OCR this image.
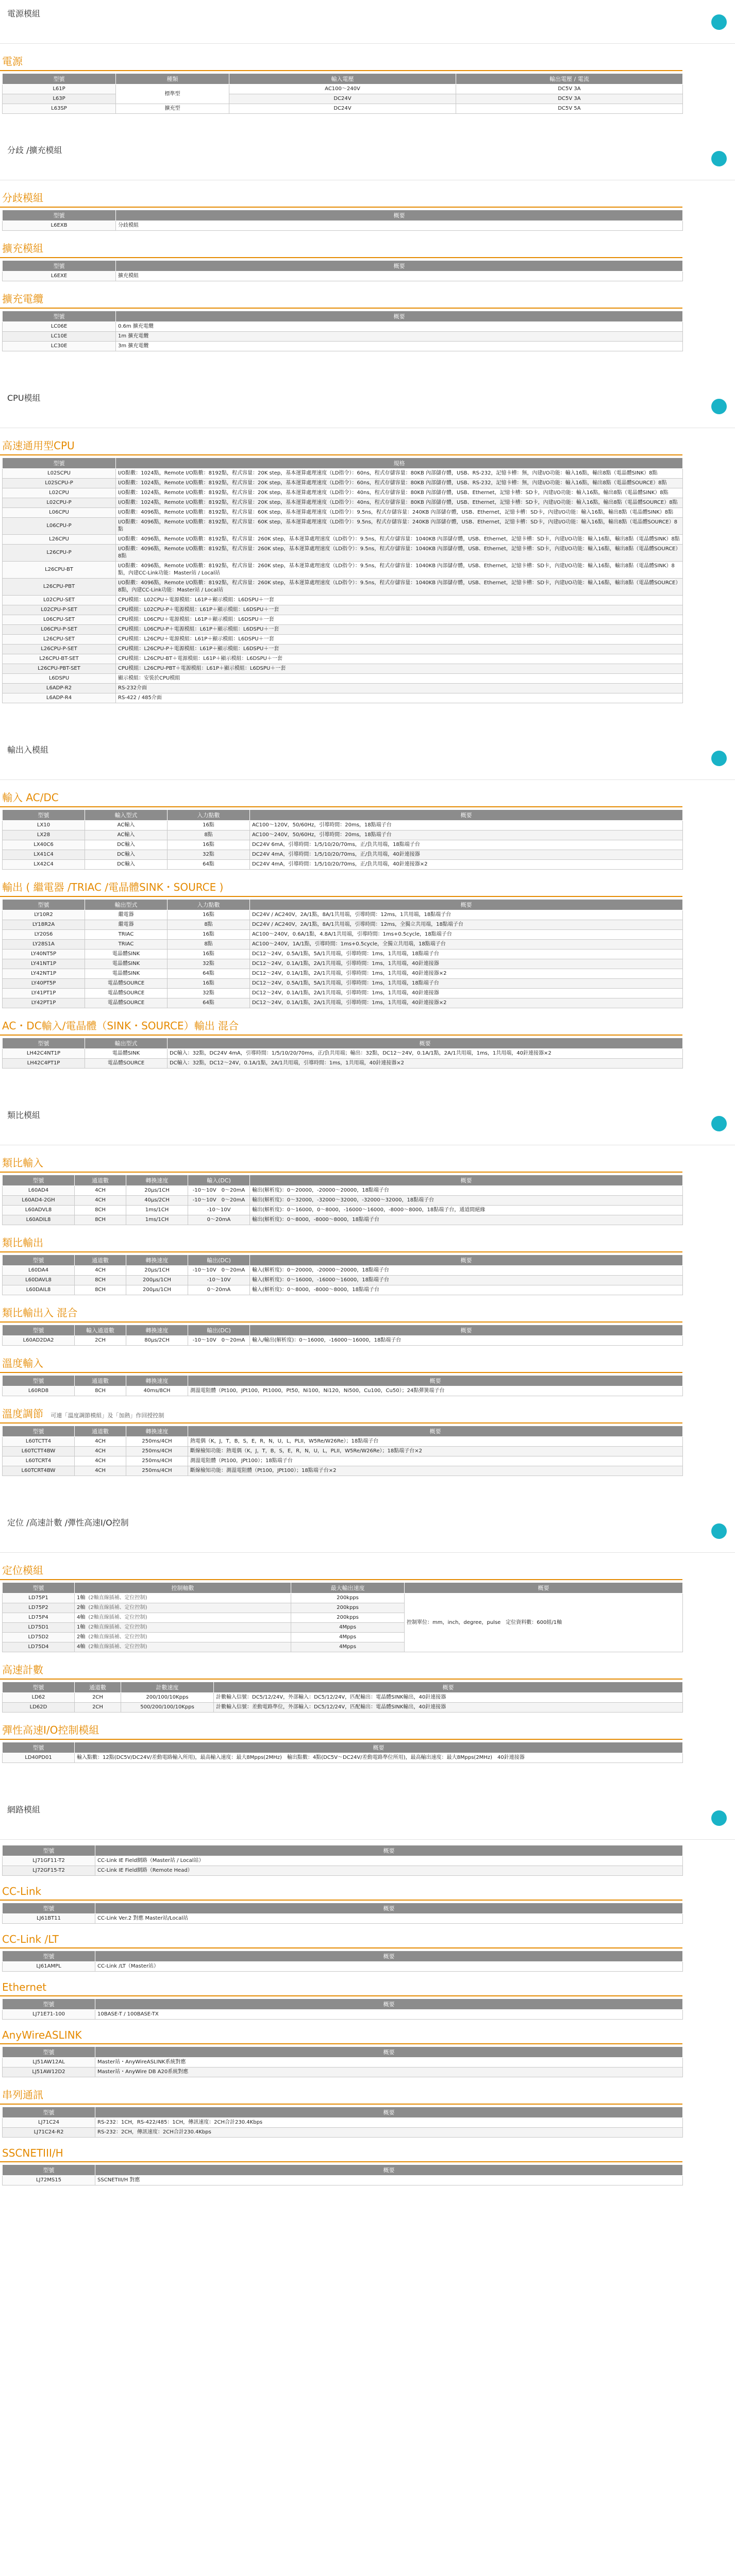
電源模組
電源
型號	種類	輸入電壓	輸出電壓 / 電流
L61P	標準型	AC100～240V	DC5V 3A
L63P		DC24V	DC5V 3A
L63SP	擴充型	DC24V	DC5V 5A
分歧 /擴充模組
分歧模組
型號	概要
L6EXB	分歧模組
擴充模組
型號	概要
L6EXE	擴充模組
擴充電纜
型號	概要
LC06E	0.6m 擴充電纜
LC10E	1m 擴充電纜
LC30E	3m 擴充電纜
CPU模組
高速通用型CPU
型號	規格
L02SCPU	I/O點數：1024點，Remote I/O點數：8192點，程式容量：20K step，基本運算處理速度（LD指令）：60ns，程式存儲容量：80KB 內部儲存體，USB、RS-232，記憶卡槽：無，內建I/O功能：輸入16點，輸出8點（電晶體SINK）8點
L02SCPU-P	I/O點數：1024點，Remote I/O點數：8192點，程式容量：20K step，基本運算處理速度（LD指令）：60ns，程式存儲容量：80KB 內部儲存體，USB、RS-232，記憶卡槽：無，內建I/O功能：輸入16點，輸出8點（電晶體SOURCE）8點
L02CPU	I/O點數：1024點，Remote I/O點數：8192點，程式容量：20K step，基本運算處理速度（LD指令）：40ns，程式存儲容量：80KB 內部儲存體，USB、Ethernet，記憶卡槽：SD卡，內建I/O功能：輸入16點，輸出8點（電晶體SINK）8點
L02CPU-P	I/O點數：1024點，Remote I/O點數：8192點，程式容量：20K step，基本運算處理速度（LD指令）：40ns，程式存儲容量：80KB 內部儲存體，USB、Ethernet，記憶卡槽：SD卡，內建I/O功能：輸入16點，輸出8點（電晶體SOURCE）8點
L06CPU	I/O點數：4096點，Remote I/O點數：8192點，程式容量：60K step，基本運算處理速度（LD指令）：9.5ns，程式存儲容量：240KB 內部儲存體，USB、Ethernet，記憶卡槽：SD卡，內建I/O功能：輸入16點，輸出8點（電晶體SINK）8點
L06CPU-P	I/O點數：4096點，Remote I/O點數：8192點，程式容量：60K step，基本運算處理速度（LD指令）：9.5ns，程式存儲容量：240KB 內部儲存體，USB、Ethernet，記憶卡槽：SD卡，內建I/O功能：輸入16點，輸出8點（電晶體SOURCE）8點
L26CPU	I/O點數：4096點，Remote I/O點數：8192點，程式容量：260K step，基本運算處理速度（LD指令）：9.5ns，程式存儲容量：1040KB 內部儲存體，USB、Ethernet，記憶卡槽：SD卡，內建I/O功能：輸入16點，輸出8點（電晶體SINK）8點
L26CPU-P	I/O點數：4096點，Remote I/O點數：8192點，程式容量：260K step，基本運算處理速度（LD指令）：9.5ns，程式存儲容量：1040KB 內部儲存體，USB、Ethernet，記憶卡槽：SD卡，內建I/O功能：輸入16點，輸出8點（電晶體SOURCE）8點
L26CPU-BT	I/O點數：4096點，Remote I/O點數：8192點，程式容量：260K step，基本運算處理速度（LD指令）：9.5ns，程式存儲容量：1040KB 內部儲存體，USB、Ethernet，記憶卡槽：SD卡，內建I/O功能：輸入16點，輸出8點（電晶體SINK）8點，內建CC-Link功能：Master站 / Local站
L26CPU-PBT	I/O點數：4096點，Remote I/O點數：8192點，程式容量：260K step，基本運算處理速度（LD指令）：9.5ns，程式存儲容量：1040KB 內部儲存體，USB、Ethernet，記憶卡槽：SD卡，內建I/O功能：輸入16點，輸出8點（電晶體SOURCE）8點，內建CC-Link功能：Master站 / Local站
L02CPU-SET	CPU模組：L02CPU＋電源模組：L61P＋顯示模組：L6DSPU＋一套
L02CPU-P-SET	CPU模組：L02CPU-P＋電源模組：L61P＋顯示模組：L6DSPU＋一套
L06CPU-SET	CPU模組：L06CPU＋電源模組：L61P＋顯示模組：L6DSPU＋一套
L06CPU-P-SET	CPU模組：L06CPU-P＋電源模組：L61P＋顯示模組：L6DSPU＋一套
L26CPU-SET	CPU模組：L26CPU＋電源模組：L61P＋顯示模組：L6DSPU＋一套
L26CPU-P-SET	CPU模組：L26CPU-P＋電源模組：L61P＋顯示模組：L6DSPU＋一套
L26CPU-BT-SET	CPU模組：L26CPU-BT＋電源模組：L61P＋顯示模組：L6DSPU＋一套
L26CPU-PBT-SET	CPU模組：L26CPU-PBT＋電源模組：L61P＋顯示模組：L6DSPU＋一套
L6DSPU	顯示模組：安裝於CPU模組
L6ADP-R2	RS-232介面
L6ADP-R4	RS-422 / 485介面
輸出入模組
輸入 AC/DC
型號	輸入型式	入力點數	概要
LX10	AC輸入	16點	AC100～120V，50/60Hz，引導時間：20ms，18點端子台
LX28	AC輸入	8點	AC100～240V，50/60Hz，引導時間：20ms，18點端子台
LX40C6	DC輸入	16點	DC24V 6mA，引導時間：1/5/10/20/70ms，正/負共用端，18點端子台
LX41C4	DC輸入	32點	DC24V 4mA，引導時間：1/5/10/20/70ms，正/負共用端，40針連接器
LX42C4	DC輸入	64點	DC24V 4mA，引導時間：1/5/10/20/70ms，正/負共用端，40針連接器×2
輸出 ( 繼電器 /TRIAC /電晶體SINK・SOURCE )
型號	輸出型式	入力點數	概要
LY10R2	繼電器	16點	DC24V / AC240V，2A/1點，8A/1共用端，引導時間：12ms，1共用端，18點端子台
LY18R2A	繼電器	8點	DC24V / AC240V，2A/1點，8A/1共用端，引導時間：12ms，全獨立共用端，18點端子台
LY20S6	TRIAC	16點	AC100～240V，0.6A/1點，4.8A/1共用端，引導時間：1ms+0.5cycle，18點端子台
LY28S1A	TRIAC	8點	AC100～240V，1A/1點，引導時間：1ms+0.5cycle，全獨立共用端，18點端子台
LY40NT5P	電晶體SINK	16點	DC12～24V，0.5A/1點，5A/1共用端，引導時間：1ms，1共用端，18點端子台
LY41NT1P	電晶體SINK	32點	DC12～24V，0.1A/1點，2A/1共用端，引導時間：1ms，1共用端，40針連接器
LY42NT1P	電晶體SINK	64點	DC12～24V，0.1A/1點，2A/1共用端，引導時間：1ms，1共用端，40針連接器×2
LY40PT5P	電晶體SOURCE	16點	DC12～24V，0.5A/1點，5A/1共用端，引導時間：1ms，1共用端，18點端子台
LY41PT1P	電晶體SOURCE	32點	DC12～24V，0.1A/1點，2A/1共用端，引導時間：1ms，1共用端，40針連接器
LY42PT1P	電晶體SOURCE	64點	DC12～24V，0.1A/1點，2A/1共用端，引導時間：1ms，1共用端，40針連接器×2
AC・DC輸入/電晶體（SINK・SOURCE）輸出 混合
型號	輸出型式	概要
LH42C4NT1P	電晶體SINK	DC輸入：32點，DC24V 4mA，引導時間：1/5/10/20/70ms，正/負共用端；輸出：32點，DC12～24V，0.1A/1點，2A/1共用端，1ms，1共用端，40針連接器×2
LH42C4PT1P	電晶體SOURCE	DC輸入：32點，DC12～24V，0.1A/1點，2A/1共用端，引導時間：1ms，1共用端，40針連接器×2
類比模組
類比輸入
型號	通道數	轉換速度	輸入(DC)	概要
L60AD4	4CH	20μs/1CH	-10～10V　0～20mA	輸出(解析度)：0～20000，-20000～20000，18點端子台
L60AD4-2GH	4CH	40μs/2CH	-10～10V　0～20mA	輸出(解析度)：0～32000，-32000～32000，-32000～32000，18點端子台
L60ADVL8	8CH	1ms/1CH	-10～10V	輸出(解析度)：0～16000，0～8000，-16000～16000，-8000～8000，18點端子台，通道間絕緣
L60ADIL8	8CH	1ms/1CH	0～20mA	輸出(解析度)：0～8000，-8000～8000，18點端子台
類比輸出
型號	通道數	轉換速度	輸出(DC)	概要
L60DA4	4CH	20μs/1CH	-10～10V　0～20mA	輸入(解析度)：0～20000，-20000～20000，18點端子台
L60DAVL8	8CH	200μs/1CH	-10～10V	輸入(解析度)：0～16000，-16000～16000，18點端子台
L60DAIL8	8CH	200μs/1CH	0～20mA	輸入(解析度)：0～8000，-8000～8000，18點端子台
類比輸出入 混合
型號	輸入通道數	轉換速度	輸出(DC)	概要
L60AD2DA2	2CH	80μs/2CH	-10～10V　0～20mA	輸入/輸出(解析度)：0～16000，-16000～16000，18點端子台
溫度輸入
型號	通道數	轉換速度	概要
L60RD8	8CH	40ms/8CH	測溫電阻體（Pt100，JPt100，Pt1000，Pt50，Ni100，Ni120，Ni500，Cu100，Cu50）；24點彈簧端子台
溫度調節 可連「溫度調節模組」及「加熱」作回授控制
型號	通道數	轉換速度	概要
L60TCTT4	4CH	250ms/4CH	熱電偶（K，J，T，B，S，E，R，N，U，L，PLII，W5Re/W26Re）；18點端子台
L60TCTT4BW	4CH	250ms/4CH	斷線檢知功能：熱電偶（K，J，T，B，S，E，R，N，U，L，PLII，W5Re/W26Re）；18點端子台×2
L60TCRT4	4CH	250ms/4CH	測溫電阻體（Pt100，JPt100）；18點端子台
L60TCRT4BW	4CH	250ms/4CH	斷線檢知功能：測溫電阻體（Pt100，JPt100）；18點端子台×2
定位 /高速計數 /彈性高速I/O控制
定位模組
型號	控制軸數	最大輸出速度	概要
LD75P1	1軸 (2軸直線插補、定位控制)	200kpps	控制單位：mm，inch，degree，pulse　定位資料數：600組/1軸
LD75P2	2軸 (2軸直線插補、定位控制)	200kpps	
LD75P4	4軸 (2軸直線插補、定位控制)	200kpps	
LD75D1	1軸 (2軸直線插補、定位控制)	4Mpps	
LD75D2	2軸 (2軸直線插補、定位控制)	4Mpps	
LD75D4	4軸 (2軸直線插補、定位控制)	4Mpps	
高速計數
型號	通道數	計數速度	概要
LD62	2CH	200/100/10Kpps	計數輸入信號：DC5/12/24V，外部輸入：DC5/12/24V，匹配輸出：電晶體SINK輸出，40針連接器
LD62D	2CH	500/200/100/10Kpps	計數輸入信號：差動電路準位，外部輸入：DC5/12/24V，匹配輸出：電晶體SINK輸出，40針連接器
彈性高速I/O控制模組
型號	概要
LD40PD01	輸入點數：12點(DC5V/DC24V/差動電路輸入所用)，最高輸入速度：最大8Mpps(2MHz)　輸出點數：4點(DC5V～DC24V/差動電路準位所用)，最高輸出速度：最大8Mpps(2MHz)　40針連接器
網路模組
型號	概要
LJ71GF11-T2	CC-Link IE Field網路（Master站 / Local站）
LJ72GF15-T2	CC-Link IE Field網路（Remote Head）
CC-Link
型號	概要
LJ61BT11	CC-Link Ver.2 對應 Master站/Local站
CC-Link /LT
型號	概要
LJ61AMPL	CC-Link /LT（Master站）
Ethernet
型號	概要
LJ71E71-100	10BASE-T / 100BASE-TX
AnyWireASLINK
型號	概要
LJ51AW12AL	Master站・AnyWireASLINK系統對應
LJ51AW12D2	Master站・AnyWire DB A20系統對應
串列通訊
型號	概要
LJ71C24	RS-232：1CH，RS-422/485：1CH，傳訊速度：2CH合計230.4Kbps
LJ71C24-R2	RS-232：2CH，傳訊速度：2CH合計230.4Kbps
SSCNETIII/H
型號	概要
LJ72MS15	SSCNETIII/H 對應
